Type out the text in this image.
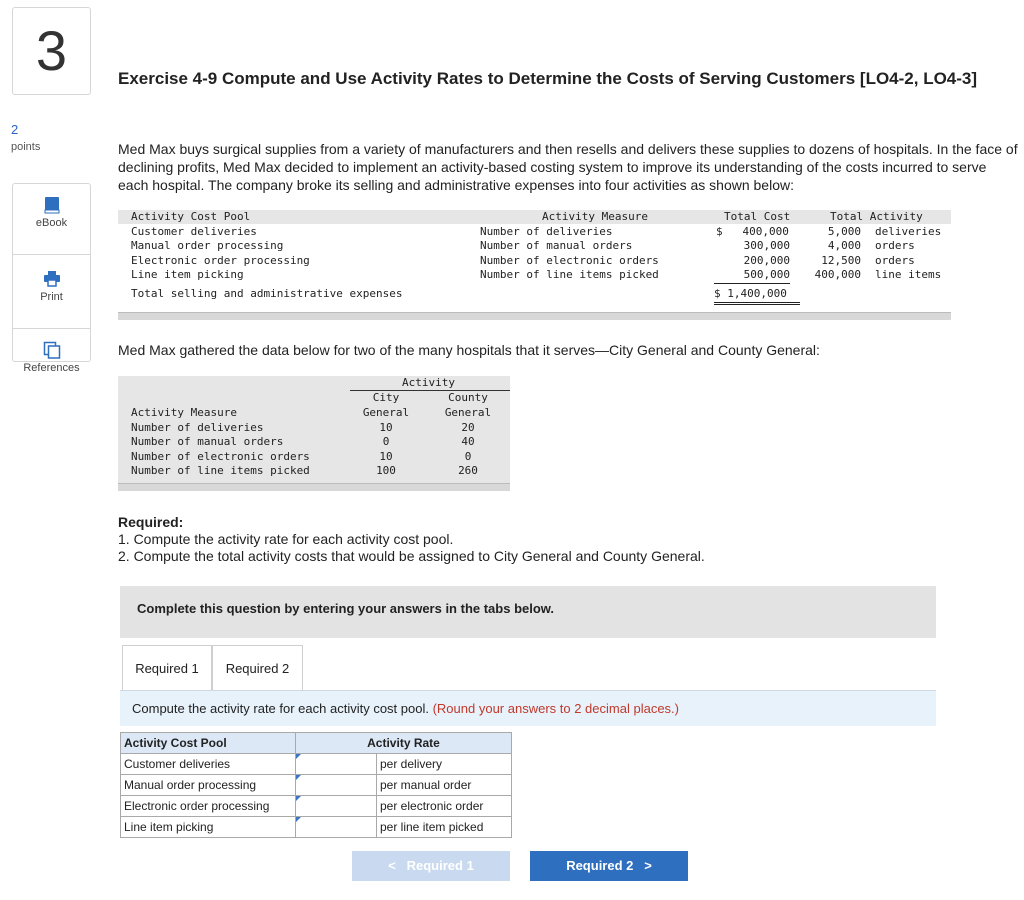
3
2
points
eBook
Print
References
Exercise 4-9 Compute and Use Activity Rates to Determine the Costs of Serving Customers [LO4-2, LO4-3]
Med Max buys surgical supplies from a variety of manufacturers and then resells and delivers these supplies to dozens of hospitals. In the face of declining profits, Med Max decided to implement an activity-based costing system to improve its understanding of the costs incurred to serve each hospital. The company broke its selling and administrative expenses into four activities as shown below:
Activity Cost Pool	Activity Measure	Total Cost	Total Activity
Customer deliveries	Number of deliveries	$   400,000	5,000 deliveries
Manual order processing	Number of manual orders	300,000	4,000 orders
Electronic order processing	Number of electronic orders	200,000	12,500 orders
Line item picking	Number of line items picked	500,000	400,000 line items
Total selling and administrative expenses	$ 1,400,000
Med Max gathered the data below for two of the many hospitals that it serves—City General and County General:
Activity
City	County
Activity Measure	General	General
Number of deliveries	10	20
Number of manual orders	0	40
Number of electronic orders	10	0
Number of line items picked	100	260
Required:
1. Compute the activity rate for each activity cost pool.
2. Compute the total activity costs that would be assigned to City General and County General.
Complete this question by entering your answers in the tabs below.
Required 1	Required 2
Compute the activity rate for each activity cost pool. (Round your answers to 2 decimal places.)
Activity Cost Pool	Activity Rate	
Customer deliveries		per delivery
Manual order processing		per manual order
Electronic order processing		per electronic order
Line item picking		per line item picked
< Required 1	Required 2 >
